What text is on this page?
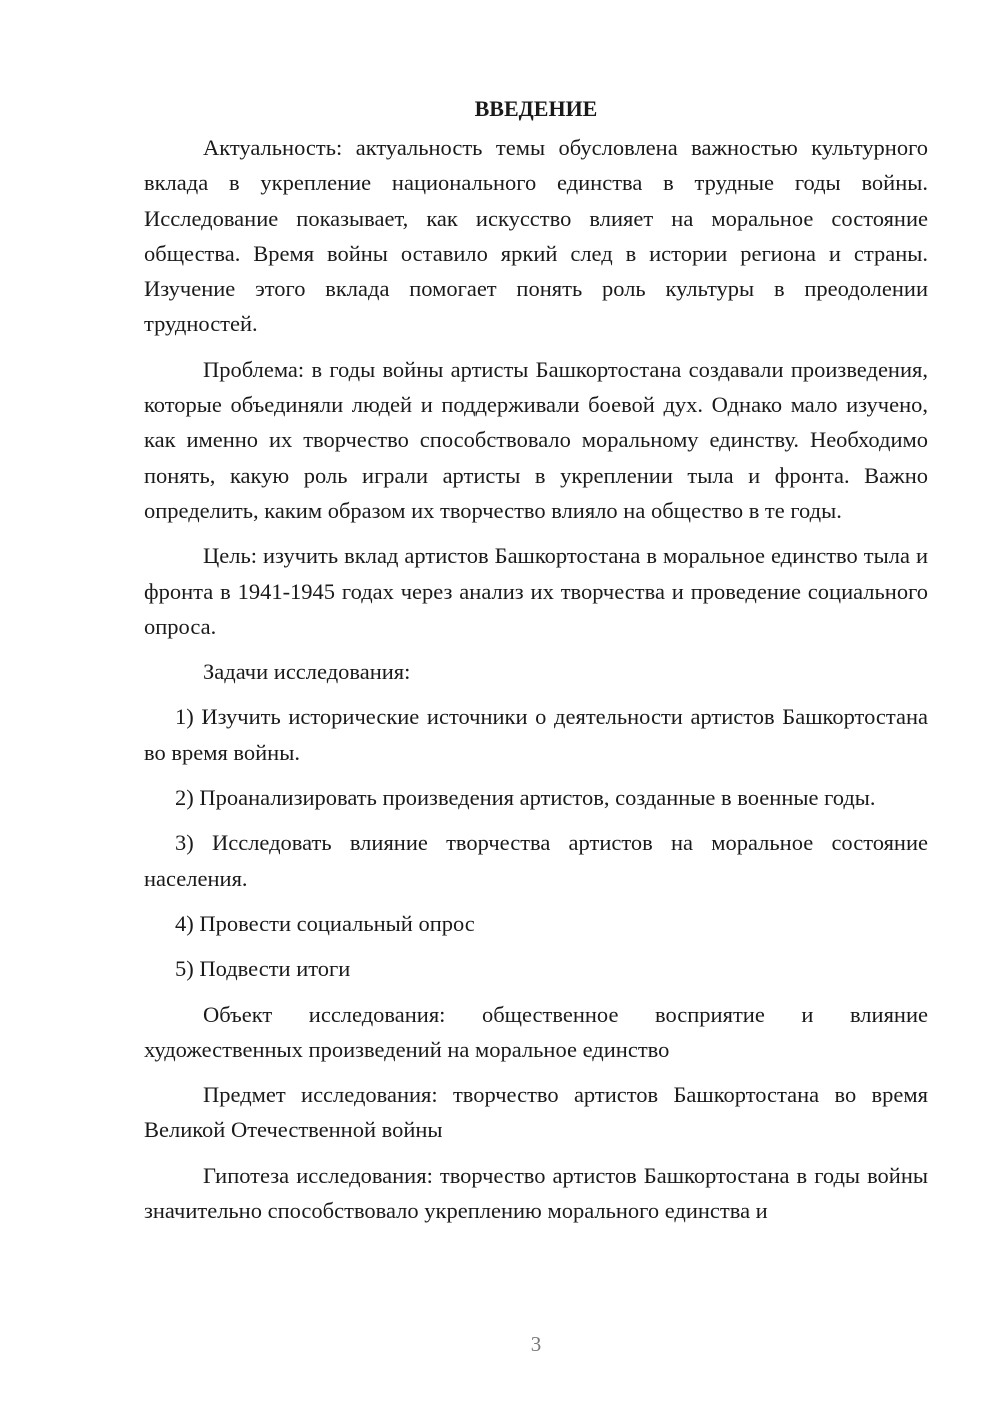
ВВЕДЕНИЕ

Актуальность: актуальность темы обусловлена важностью культурного вклада в укрепление национального единства в трудные годы войны. Исследование показывает, как искусство влияет на моральное состояние общества. Время войны оставило яркий след в истории региона и страны. Изучение этого вклада помогает понять роль культуры в преодолении трудностей.

Проблема: в годы войны артисты Башкортостана создавали произведения, которые объединяли людей и поддерживали боевой дух. Однако мало изучено, как именно их творчество способствовало моральному единству. Необходимо понять, какую роль играли артисты в укреплении тыла и фронта. Важно определить, каким образом их творчество влияло на общество в те годы.

Цель: изучить вклад артистов Башкортостана в моральное единство тыла и фронта в 1941-1945 годах через анализ их творчества и проведение социального опроса.

Задачи исследования:

1) Изучить исторические источники о деятельности артистов Башкортостана во время войны.

2) Проанализировать произведения артистов, созданные в военные годы.

3) Исследовать влияние творчества артистов на моральное состояние населения.

4) Провести социальный опрос

5) Подвести итоги

Объект исследования: общественное восприятие и влияние художественных произведений на моральное единство

Предмет исследования: творчество артистов Башкортостана во время Великой Отечественной войны

Гипотеза исследования: творчество артистов Башкортостана в годы войны значительно способствовало укреплению морального единства и

3
